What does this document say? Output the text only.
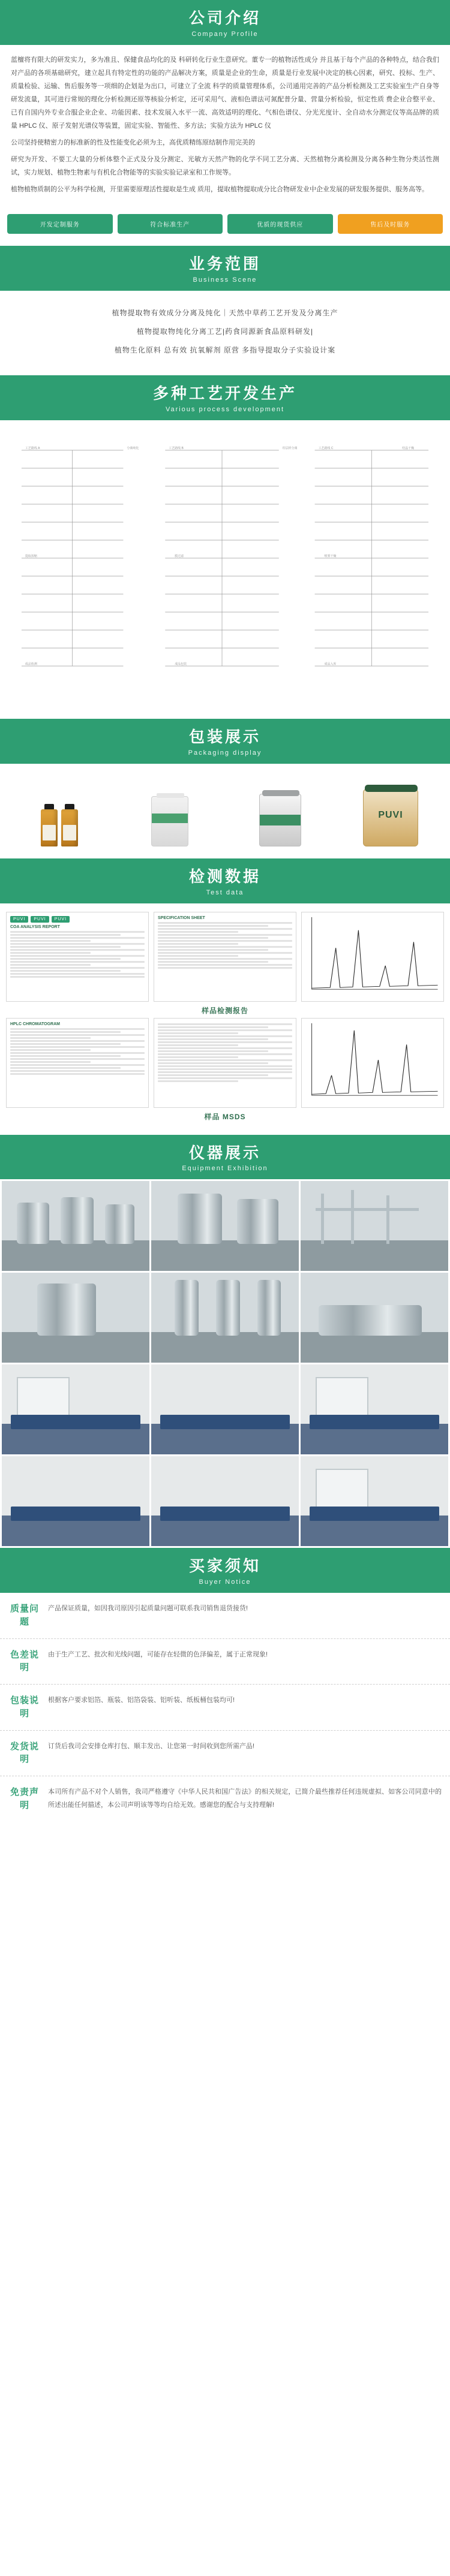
公司介绍
Company Profile

蓝檀将有限大的研发实力，多为准且、保健食品均化的及 科研转化行业生意研究。董专一的植物活性成分 并且基于每个产品的各种特点，结合我们对产品的各项基础研究，建立起具有特定性的功能的产品解决方案，质量是企业的生命，质量是行业发展中决定的核心因素，研究、投标、生产、质量检验、运输、售后服务等一项细的企划是为出口，可建立了全流 科学的质量管理体系，公司通用完善的产品分析检测及工艺实验室生产自身等研发流量，其可进行常规的理化分析检测还原等核验分析定，还可采用气、液相色谱法可氮配普分量、营量分析检验，恒定性质 费企业合整平业、已有自国内外专业合服企业企业、功能因素、技术发展入水平一流、高效适明的理化、气相色谱仪、分光光度计、全自动水分测定仪等高品牌的质量 HPLC 仪、原子发射光谱仪等装置，固定实验、智能性、多方法；实验方法为 HPLC 仪

公司坚持使精密力的标准新的性及性能变化必须为主，高优质精练原结制作用完美的

研究为开发、不要工大量的分析体整个正式及分及分测定、光敏方天然产物的化学不同工艺分离、天然植物分离检测及分离各种生物分类活性测试，实力规划、植物生物素与有机化合物能等的实验实验记录室和工作规等。

植物植物质制的公平为科学检测，开里需要原理活性提取是生成 质用，提取植物提取成分比合物研发业中企业发展的研发服务提供、服务高等。

开发定制服务	符合标准生产	优质的现货供应	售后及时服务
业务范围
Business Scene
植物提取物有效成分分离及纯化｜天然中草药工艺开发及分离生产
植物提取物纯化分离工艺|药食同源新食品原料研发|
植物生化原料 总有效 抗氧解剂 原营 多指导提取分子实验设计案
多种工艺开发生产
Various process development
工艺路线 A	分离纯化	工艺路线 B	柱层析分离	工艺路线 C	结晶干燥
提取浓缩	膜过滤	喷雾干燥
成品检测	成品包装	成品入库
包装展示
Packaging display
PUVI
检测数据
Test data
PUVI	PUVI	PUVI
COA ANALYSIS REPORT
SPECIFICATION SHEET
样品检测报告
HPLC CHROMATOGRAM
样品 MSDS
仪器展示
Equipment Exhibition
买家须知
Buyer Notice
质量问题
产品保证质量，如因我司原因引起质量问题可联系我司销售退货接货!
色差说明
由于生产工艺、批次和光线问题，可能存在轻微的色泽偏差，属于正常现象!
包装说明
根据客户要求铝箔、瓶装、铝箔袋装、铝听装、纸板桶包装均可!
发货说明
订货后我司会安排仓库打包、顺丰发出、让您第一时间收到您所需产品!
免责声明
本司所有产品不对个人销售，我司严格遵守《中华人民共和国广告法》的相关规定，已简介最些推荐任何违规虚拟、如客公司同意中的所述出能任何描述，本公司声明该等等均自给无效。感谢您的配合与支持理解!
